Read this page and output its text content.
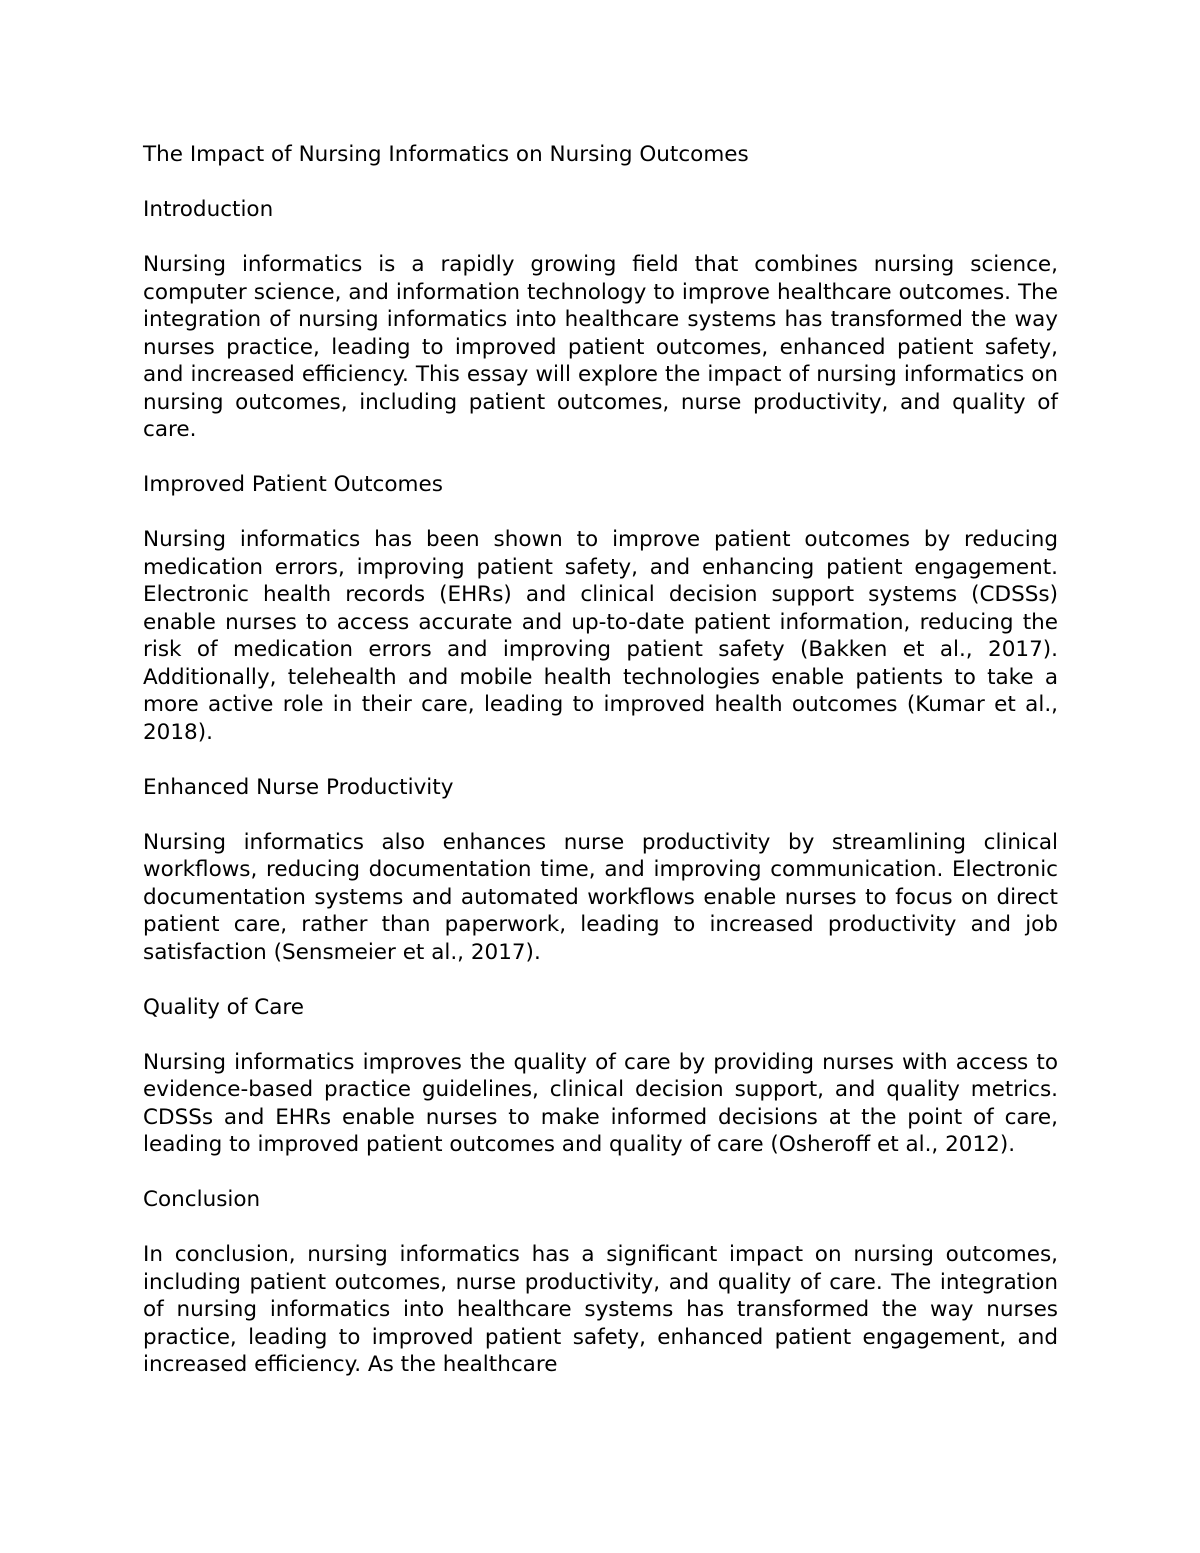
The Impact of Nursing Informatics on Nursing Outcomes
Introduction
Nursing informatics is a rapidly growing field that combines nursing science, computer science, and information technology to improve healthcare outcomes. The integration of nursing informatics into healthcare systems has transformed the way nurses practice, leading to improved patient outcomes, enhanced patient safety, and increased efficiency. This essay will explore the impact of nursing informatics on nursing outcomes, including patient outcomes, nurse productivity, and quality of care.
Improved Patient Outcomes
Nursing informatics has been shown to improve patient outcomes by reducing medication errors, improving patient safety, and enhancing patient engagement. Electronic health records (EHRs) and clinical decision support systems (CDSSs) enable nurses to access accurate and up-to-date patient information, reducing the risk of medication errors and improving patient safety (Bakken et al., 2017). Additionally, telehealth and mobile health technologies enable patients to take a more active role in their care, leading to improved health outcomes (Kumar et al., 2018).
Enhanced Nurse Productivity
Nursing informatics also enhances nurse productivity by streamlining clinical workflows, reducing documentation time, and improving communication. Electronic documentation systems and automated workflows enable nurses to focus on direct patient care, rather than paperwork, leading to increased productivity and job satisfaction (Sensmeier et al., 2017).
Quality of Care
Nursing informatics improves the quality of care by providing nurses with access to evidence-based practice guidelines, clinical decision support, and quality metrics. CDSSs and EHRs enable nurses to make informed decisions at the point of care, leading to improved patient outcomes and quality of care (Osheroff et al., 2012).
Conclusion
In conclusion, nursing informatics has a significant impact on nursing outcomes, including patient outcomes, nurse productivity, and quality of care. The integration of nursing informatics into healthcare systems has transformed the way nurses practice, leading to improved patient safety, enhanced patient engagement, and increased efficiency. As the healthcare
